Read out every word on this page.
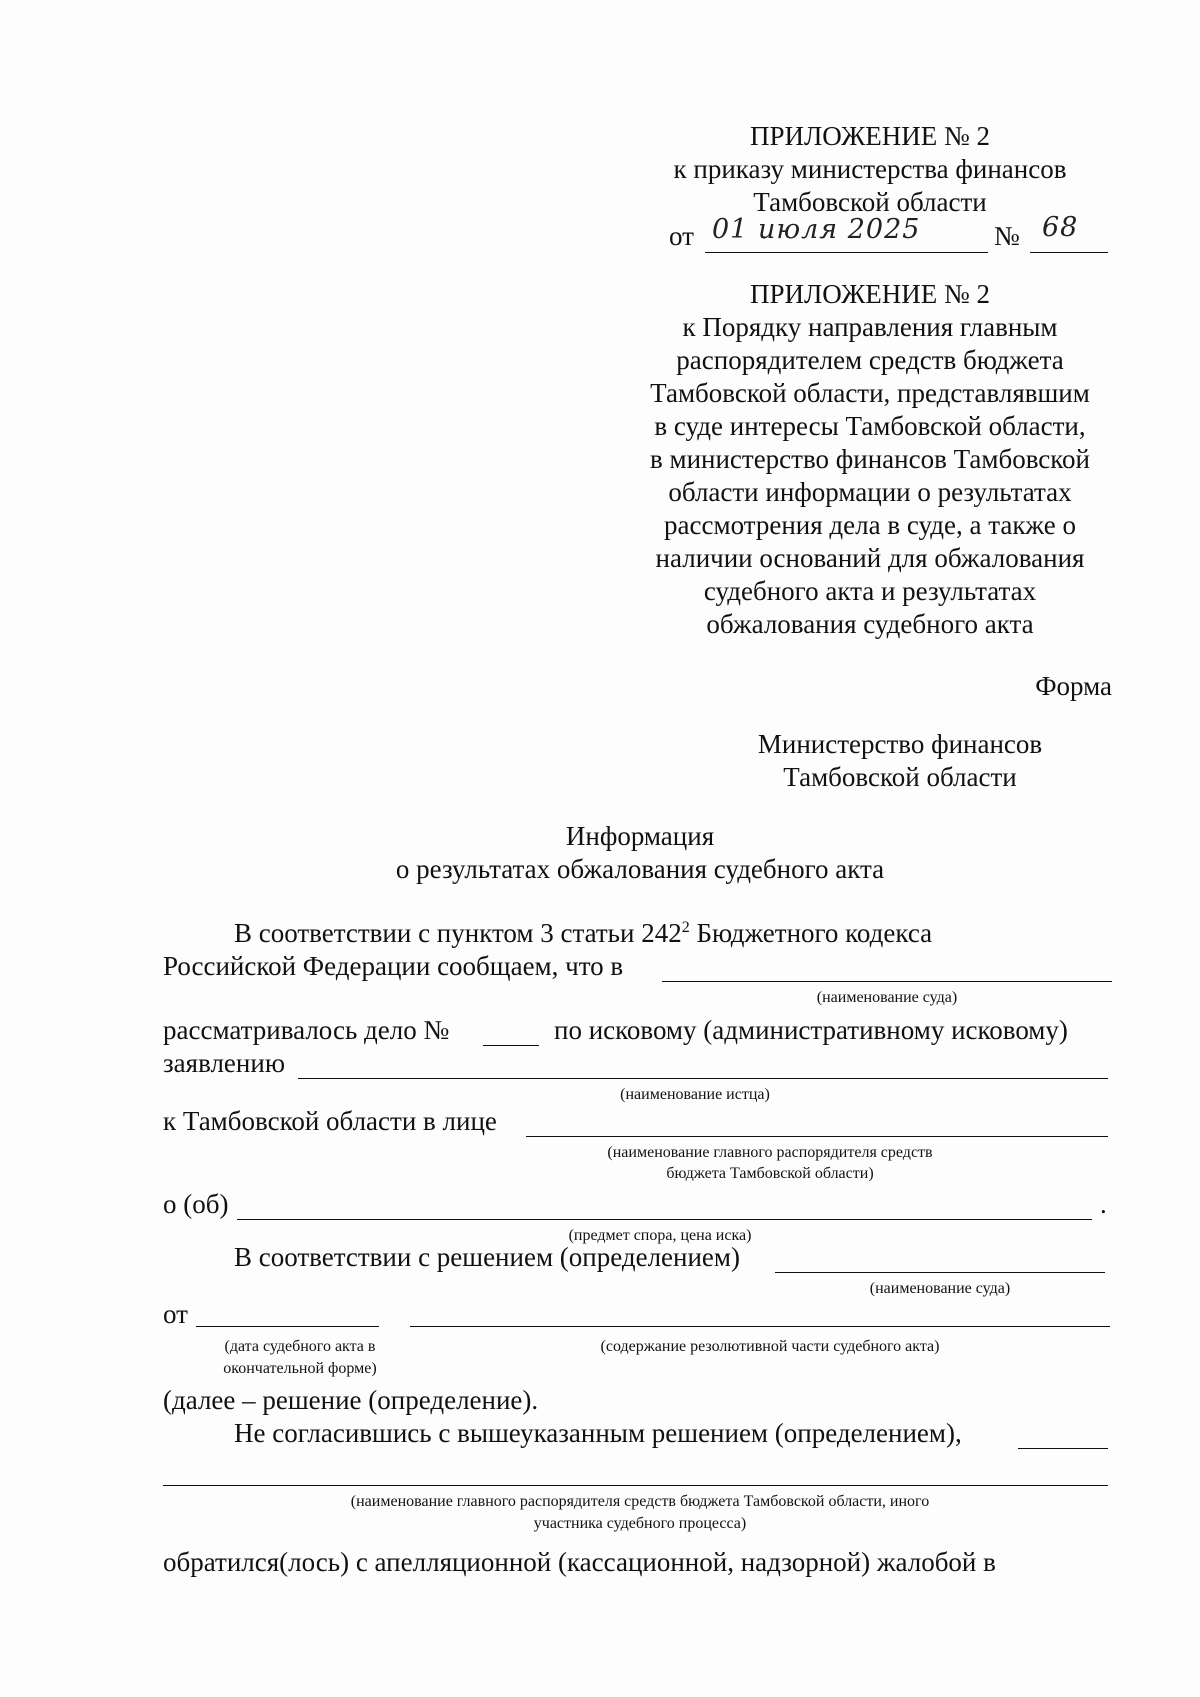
ПРИЛОЖЕНИЕ № 2
к приказу министерства финансов
Тамбовской области
от 01 июля 2025	№ 68
ПРИЛОЖЕНИЕ № 2
к Порядку направления главным
распорядителем средств бюджета
Тамбовской области, представлявшим
в суде интересы Тамбовской области,
в министерство финансов Тамбовской
области информации о результатах
рассмотрения дела в суде, а также о
наличии оснований для обжалования
судебного акта и результатах
обжалования судебного акта
Форма
Министерство финансов
Тамбовской области
Информация
о результатах обжалования судебного акта
В соответствии с пунктом 3 статьи $242^2$ Бюджетного кодекса
Российской Федерации сообщаем, что в
(наименование суда)
рассматривалось дело №	по исковому (административному исковому)
заявлению
(наименование истца)
к Тамбовской области в лице
(наименование главного распорядителя средств
бюджета Тамбовской области)
о (об)	.
(предмет спора, цена иска)
В соответствии с решением (определением)
(наименование суда)
от
(дата судебного акта в
окончательной форме)
(содержание резолютивной части судебного акта)
(далее – решение (определение).
Не согласившись с вышеуказанным решением (определением),
(наименование главного распорядителя средств бюджета Тамбовской области, иного
участника судебного процесса)
обратился(лось) с апелляционной (кассационной, надзорной) жалобой в
